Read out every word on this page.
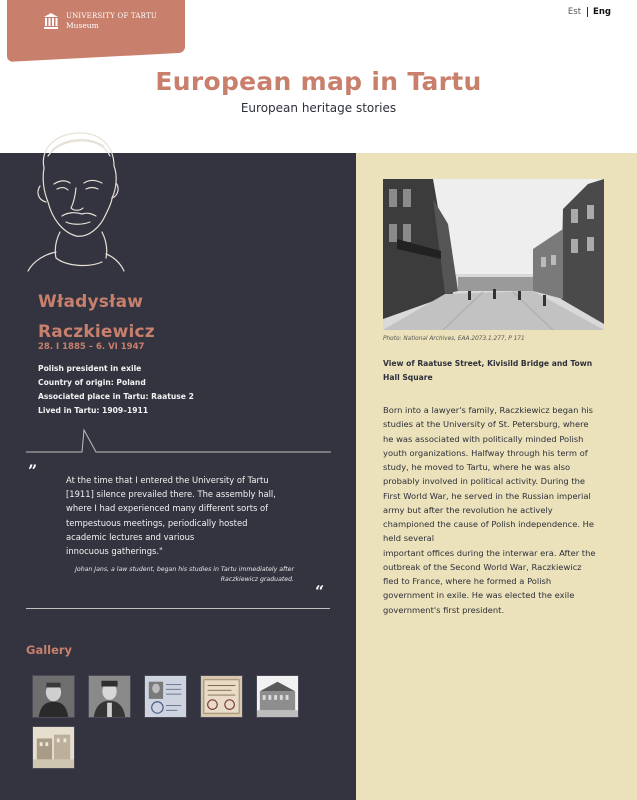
UNIVERSITY OF TARTU
Museum
Est	Eng
European map in Tartu
European heritage stories
Władysław Raczkiewicz
28. I 1885 – 6. VI 1947
Polish president in exile
Country of origin: Poland
Associated place in Tartu: Raatuse 2
Lived in Tartu: 1909–1911
”	At the time that I entered the University of Tartu
[1911] silence prevailed there. The assembly hall,
where I had experienced many different sorts of
tempestuous meetings, periodically hosted
academic lectures and various
innocuous gatherings."
Johan Jans, a law student, began his studies in Tartu immediately after
Raczkiewicz graduated.
“
Gallery
Photo: National Archives, EAA.2073.1.277, P 171
View of Raatuse Street, Kivisild Bridge and Town Hall Square
Born into a lawyer's family, Raczkiewicz began his
studies at the University of St. Petersburg, where
he was associated with politically minded Polish
youth organizations. Halfway through his term of
study, he moved to Tartu, where he was also
probably involved in political activity. During the
First World War, he served in the Russian imperial
army but after the revolution he actively
championed the cause of Polish independence. He
held several
important offices during the interwar era. After the
outbreak of the Second World War, Raczkiewicz
fled to France, where he formed a Polish
government in exile. He was elected the exile
government's first president.
